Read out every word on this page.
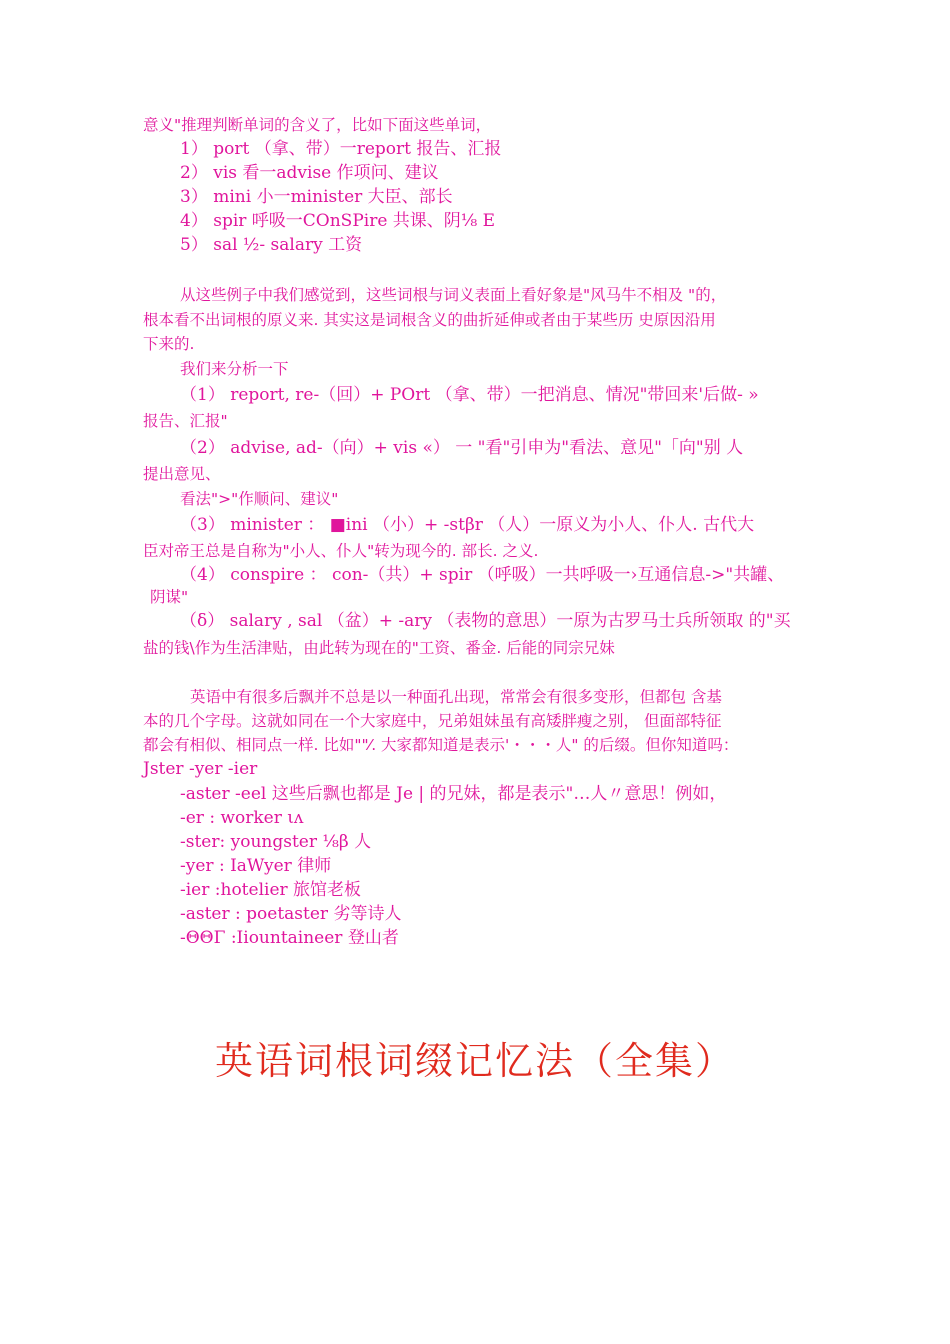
意义"推理判断单词的含义了，比如下面这些单词，
1） port （拿、带）一report 报告、汇报
2） vis 看一advise 作项问、建议
3） mini 小一minister 大臣、部长
4） spir 呼吸一COnSPire 共课、阴⅛ E
5） sal ½- salary 工资
从这些例子中我们感觉到，这些词根与词义表面上看好象是"风马牛不相及 "的，
根本看不出词根的原义来. 其实这是词根含义的曲折延伸或者由于某些历 史原因沿用
下来的.
我们来分析一下
（1） report, re-（回）+ POrt （拿、带）一把消息、情况"带回来'后做- »
报告、汇报"
（2） advise, ad-（向）+ vis «） 一 "看"引申为"看法、意见"「向"别 人
提出意见、
看法">"作顺问、建议"
（3） minister ： ■ini （小）+ -stβr （人）一原义为小人、仆人. 古代大
臣对帝王总是自称为"小人、仆人"转为现今的. 部长. 之义.
（4） conspire ： con-（共）+ spir （呼吸）一共呼吸一›互通信息->"共罐、
阴谋"
（δ） salary , sal （盆）+ -ary （表物的意思）一原为古罗马士兵所领取 的"买
盐的钱\作为生活津贴，由此转为现在的"工资、番金. 后能的同宗兄妹
英语中有很多后飘并不总是以一种面孔出现，常常会有很多变形，但都包 含基
本的几个字母。这就如同在一个大家庭中，兄弟姐妹虽有高矮胖瘦之别， 但面部特征
都会有相似、相同点一样. 比如""⁄. 大家都知道是表示'・・・人" 的后缀。但你知道吗：
Jster -yer -ier
-aster -eel 这些后飘也都是 Je | 的兄妹，都是表示"…人〃意思！例如，
-er : worker ιʌ
-ster: youngster ⅛β 人
-yer : IaWyer 律师
-ier :hotelier 旅馆老板
-aster : poetaster 劣等诗人
-ΘΘΓ :Iiountaineer 登山者
英语词根词缀记忆法（全集）
